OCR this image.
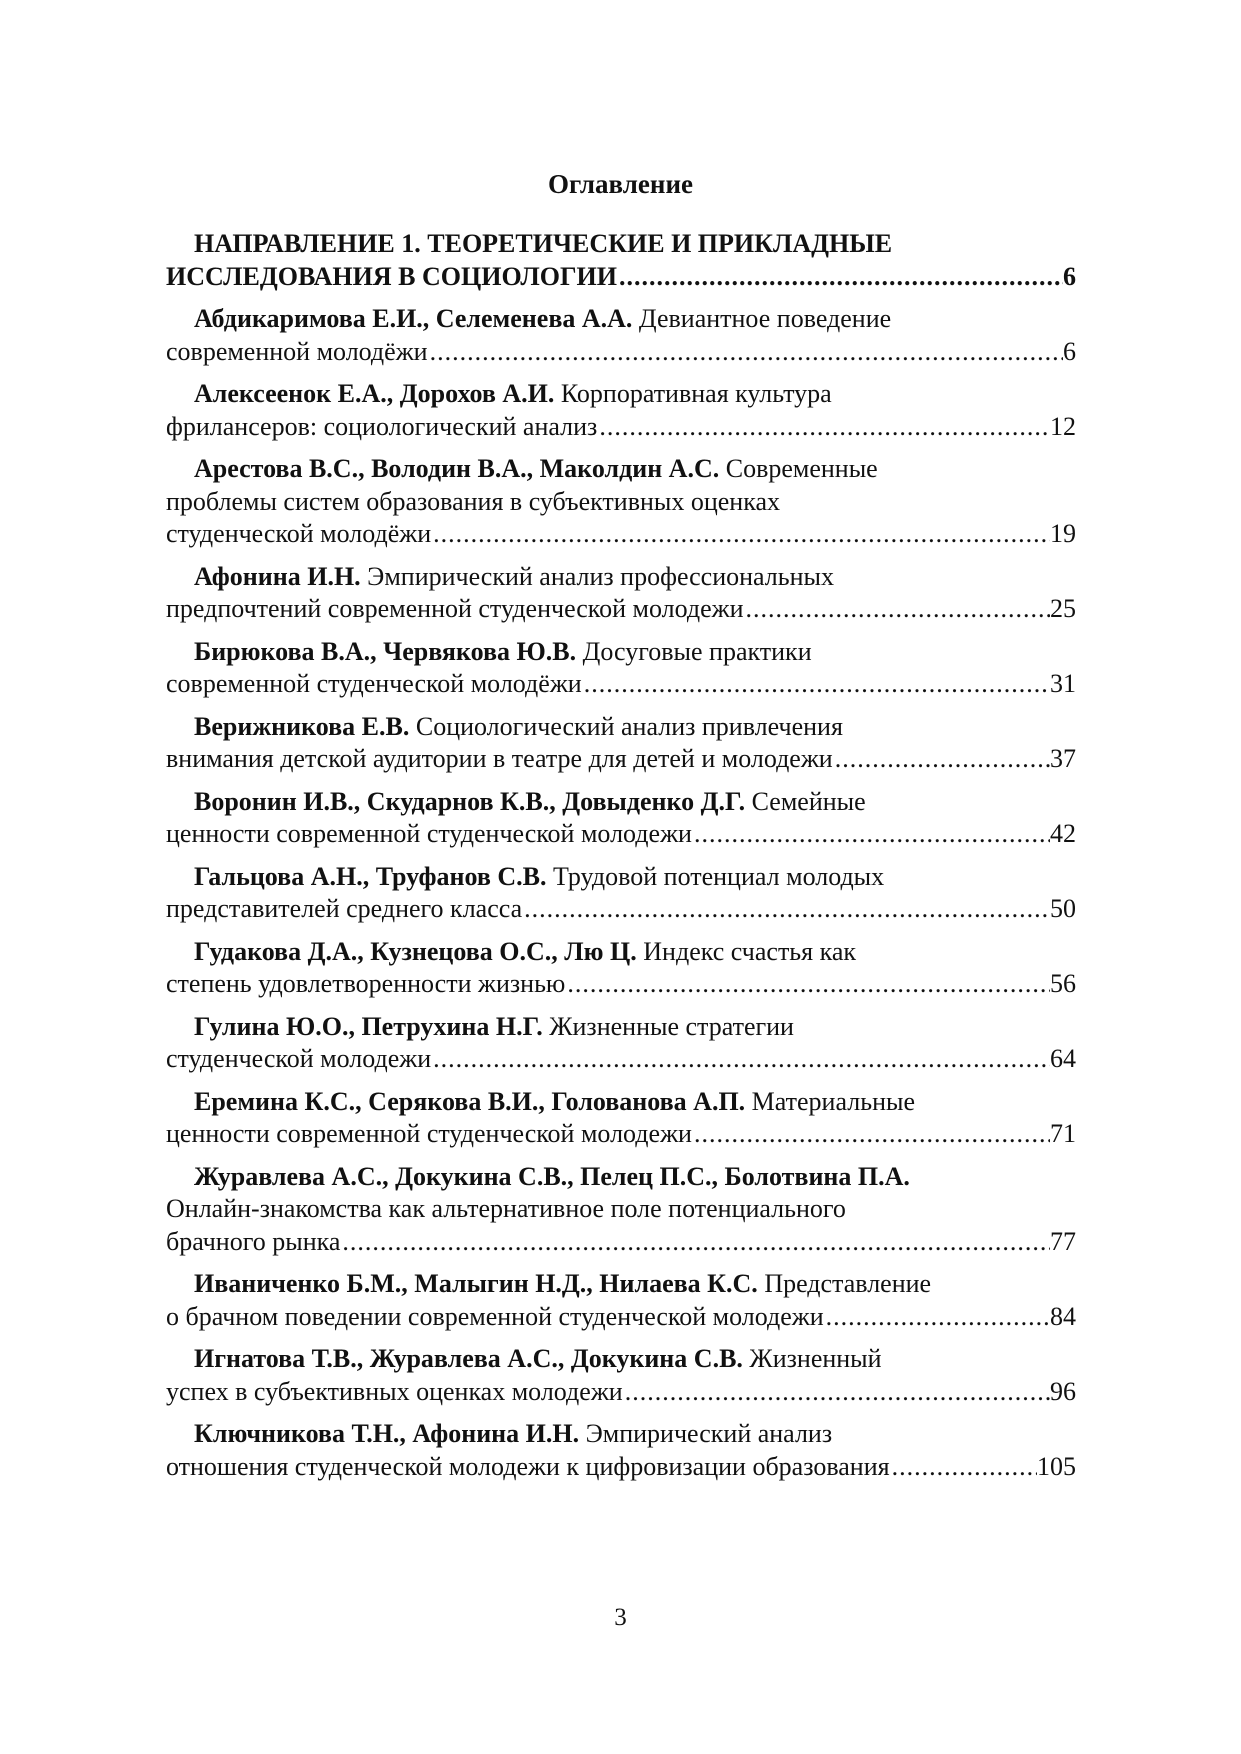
Оглавление
НАПРАВЛЕНИЕ 1. ТЕОРЕТИЧЕСКИЕ И ПРИКЛАДНЫЕ
ИССЛЕДОВАНИЯ В СОЦИОЛОГИИ .....	6
Абдикаримова Е.И., Селеменева А.А. Девиантное поведение
современной молодёжи .....	6
Алексеенок Е.А., Дорохов А.И. Корпоративная культура
фрилансеров: социологический анализ .....	12
Арестова В.С., Володин В.А., Маколдин А.С. Современные
проблемы систем образования в субъективных оценках
студенческой молодёжи .....	19
Афонина И.Н. Эмпирический анализ профессиональных
предпочтений современной студенческой молодежи .....	25
Бирюкова В.А., Червякова Ю.В. Досуговые практики
современной студенческой молодёжи .....	31
Верижникова Е.В. Социологический анализ привлечения
внимания детской аудитории в театре для детей и молодежи .....	37
Воронин И.В., Скударнов К.В., Довыденко Д.Г. Семейные
ценности современной студенческой молодежи .....	42
Гальцова А.Н., Труфанов С.В. Трудовой потенциал молодых
представителей среднего класса .....	50
Гудакова Д.А., Кузнецова О.С., Лю Ц. Индекс счастья как
степень удовлетворенности жизнью .....	56
Гулина Ю.О., Петрухина Н.Г. Жизненные стратегии
студенческой молодежи .....	64
Еремина К.С., Серякова В.И., Голованова А.П. Материальные
ценности современной студенческой молодежи .....	71
Журавлева А.С., Докукина С.В., Пелец П.С., Болотвина П.А.
Онлайн-знакомства как альтернативное поле потенциального
брачного рынка .....	77
Иваниченко Б.М., Малыгин Н.Д., Нилаева К.С. Представление
о брачном поведении современной студенческой молодежи .....	84
Игнатова Т.В., Журавлева А.С., Докукина С.В. Жизненный
успех в субъективных оценках молодежи .....	96
Ключникова Т.Н., Афонина И.Н. Эмпирический анализ
отношения студенческой молодежи к цифровизации образования .....	105
3
